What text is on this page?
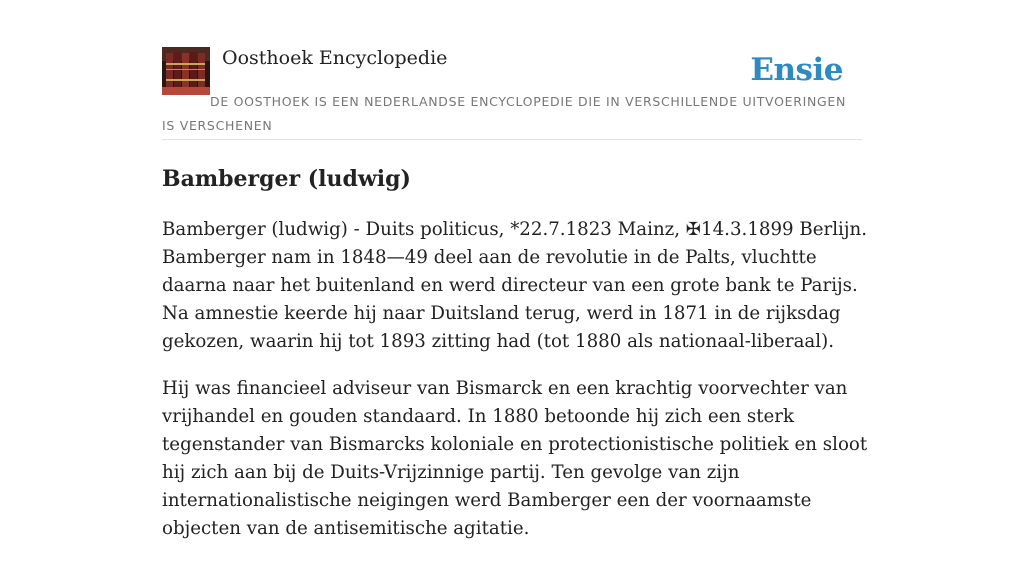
Oosthoek Encyclopedie	Ensie
DE OOSTHOEK IS EEN NEDERLANDSE ENCYCLOPEDIE DIE IN VERSCHILLENDE UITVOERINGEN IS VERSCHENEN
Bamberger (ludwig)

Bamberger (ludwig) - Duits politicus, *22.7.1823 Mainz, ✠14.3.1899 Berlijn. Bamberger nam in 1848—49 deel aan de revolutie in de Palts, vluchtte daarna naar het buitenland en werd directeur van een grote bank te Parijs. Na amnestie keerde hij naar Duitsland terug, werd in 1871 in de rijksdag gekozen, waarin hij tot 1893 zitting had (tot 1880 als nationaal-liberaal).

Hij was financieel adviseur van Bismarck en een krachtig voorvechter van vrijhandel en gouden standaard. In 1880 betoonde hij zich een sterk tegenstander van Bismarcks koloniale en protectionistische politiek en sloot hij zich aan bij de Duits-Vrijzinnige partij. Ten gevolge van zijn internationalistische neigingen werd Bamberger een der voornaamste objecten van de antisemitische agitatie.
